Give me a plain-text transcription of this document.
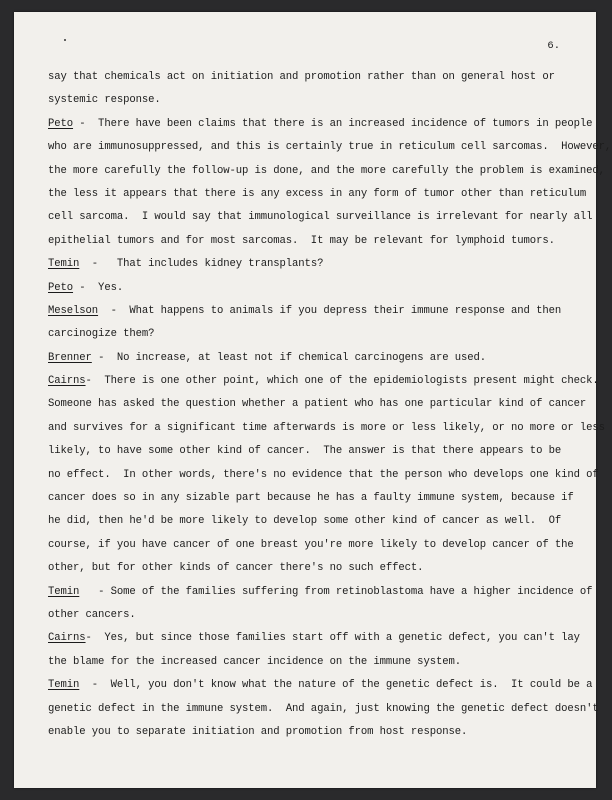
6.
say that chemicals act on initiation and promotion rather than on general host or
systemic response.
Peto -  There have been claims that there is an increased incidence of tumors in people
who are immunosuppressed, and this is certainly true in reticulum cell sarcomas.  However,
the more carefully the follow-up is done, and the more carefully the problem is examined,
the less it appears that there is any excess in any form of tumor other than reticulum
cell sarcoma.  I would say that immunological surveillance is irrelevant for nearly all
epithelial tumors and for most sarcomas.  It may be relevant for lymphoid tumors.
Temin  -   That includes kidney transplants?
Peto -  Yes.
Meselson  -  What happens to animals if you depress their immune response and then
carcinogize them?
Brenner -  No increase, at least not if chemical carcinogens are used.
Cairns-  There is one other point, which one of the epidemiologists present might check.
Someone has asked the question whether a patient who has one particular kind of cancer
and survives for a significant time afterwards is more or less likely, or no more or less
likely, to have some other kind of cancer.  The answer is that there appears to be
no effect.  In other words, there's no evidence that the person who develops one kind of
cancer does so in any sizable part because he has a faulty immune system, because if
he did, then he'd be more likely to develop some other kind of cancer as well.  Of
course, if you have cancer of one breast you're more likely to develop cancer of the
other, but for other kinds of cancer there's no such effect.
Temin   - Some of the families suffering from retinoblastoma have a higher incidence of
other cancers.
Cairns-  Yes, but since those families start off with a genetic defect, you can't lay
the blame for the increased cancer incidence on the immune system.
Temin  -  Well, you don't know what the nature of the genetic defect is.  It could be a
genetic defect in the immune system.  And again, just knowing the genetic defect doesn't
enable you to separate initiation and promotion from host response.
